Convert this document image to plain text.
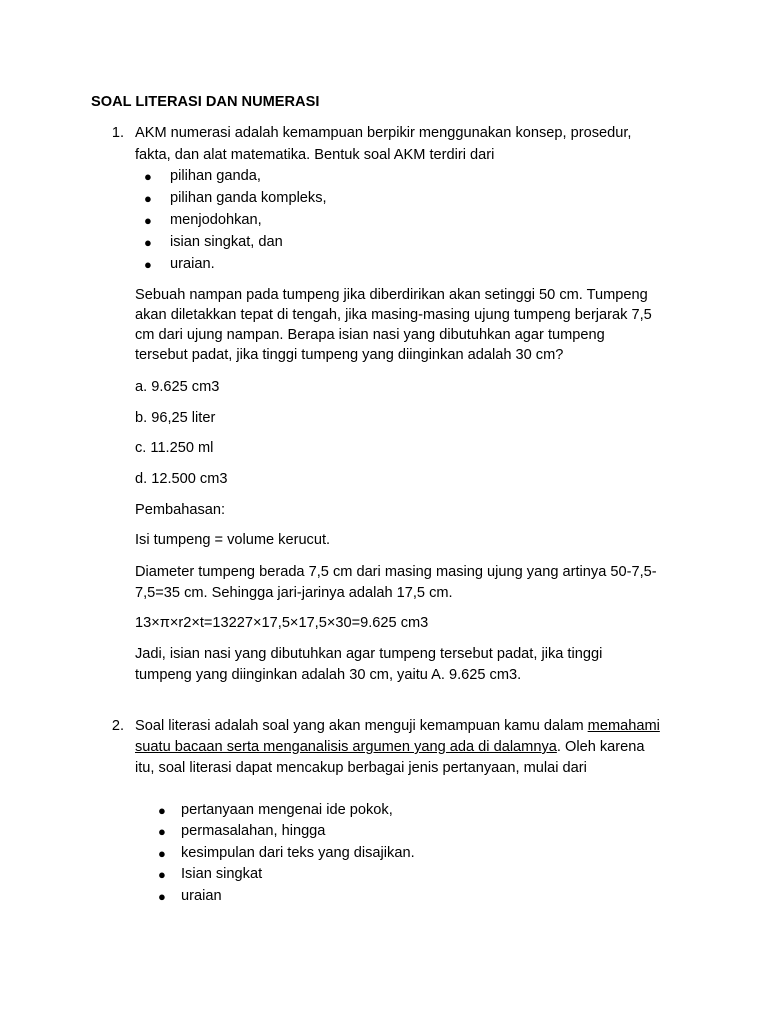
SOAL LITERASI DAN NUMERASI
1. AKM numerasi adalah kemampuan berpikir menggunakan konsep, prosedur,
fakta, dan alat matematika. Bentuk soal AKM terdiri dari
● pilihan ganda,
● pilihan ganda kompleks,
● menjodohkan,
● isian singkat, dan
● uraian.
Sebuah nampan pada tumpeng jika diberdirikan akan setinggi 50 cm. Tumpeng
akan diletakkan tepat di tengah, jika masing-masing ujung tumpeng berjarak 7,5
cm dari ujung nampan. Berapa isian nasi yang dibutuhkan agar tumpeng
tersebut padat, jika tinggi tumpeng yang diinginkan adalah 30 cm?
a. 9.625 cm3
b. 96,25 liter
c. 11.250 ml
d. 12.500 cm3
Pembahasan:
Isi tumpeng = volume kerucut.
Diameter tumpeng berada 7,5 cm dari masing masing ujung yang artinya 50-7,5-
7,5=35 cm. Sehingga jari-jarinya adalah 17,5 cm.
13×π×r2×t=13227×17,5×17,5×30=9.625 cm3
Jadi, isian nasi yang dibutuhkan agar tumpeng tersebut padat, jika tinggi
tumpeng yang diinginkan adalah 30 cm, yaitu A. 9.625 cm3.
2. Soal literasi adalah soal yang akan menguji kemampuan kamu dalam memahami
suatu bacaan serta menganalisis argumen yang ada di dalamnya. Oleh karena
itu, soal literasi dapat mencakup berbagai jenis pertanyaan, mulai dari
● pertanyaan mengenai ide pokok,
● permasalahan, hingga
● kesimpulan dari teks yang disajikan.
● Isian singkat
● uraian
